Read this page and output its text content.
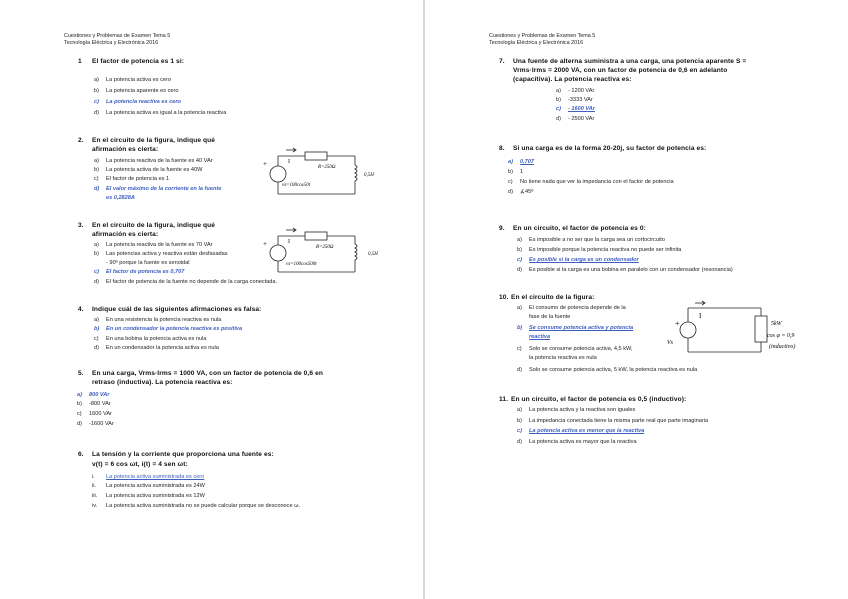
Cuestiones y Problemas de Examen Tema 5
Tecnología Eléctrica y Electrónica 2016
1 El factor de potencia es 1 si:
a) La potencia activa es cero
b) La potencia aparente es cero
c) La potencia reactiva es cero
d) La potencia activa es igual a la potencia reactiva
2. En el circuito de la figura, indique qué
afirmación es cierta:
a) La potencia reactiva de la fuente es 40 VAr
b) La potencia activa de la fuente es 40W
c) El factor de potencia es 1
d) El valor máximo de la corriente en la fuente
es 0,2828A
I
R=250Ω
vs=100cos50t
0,5H
+
3. En el circuito de la figura, indique qué
afirmación es cierta:
a) La potencia reactiva de la fuente es 70 VAr
b) Las potencias activa y reactiva están desfasadas
- 90º porque la fuente es senoidal
c) El factor de potencia es 0,707
d) El factor de potencia de la fuente no depende de la carga conectada.
I
R=250Ω
vs=100cos500t
0,5H
+
4. Indique cuál de las siguientes afirmaciones es falsa:
a) En una resistencia la potencia reactiva es nula
b) En un condensador la potencia reactiva es positiva
c) En una bobina la potencia activa es nula
d) En un condensador la potencia activa es nula
5. En una carga, Vrms·Irms = 1000 VA, con un factor de potencia de 0,6 en
retraso (inductiva). La potencia reactiva es:
a) 800 VAr
b) -800 VAr
c) 1600 VAr
d) -1600 VAr
6. La tensión y la corriente que proporciona una fuente es:
v(t) = 6 cos ωt, i(t) = 4 sen ωt:
i. La potencia activa suministrada es cero
ii. La potencia activa suministrada es 24W
iii. La potencia activa suministrada es 12W
iv. La potencia activa suministrada no se puede calcular porque se desconoce ω.
Cuestiones y Problemas de Examen Tema 5
Tecnología Eléctrica y Electrónica 2016
7. Una fuente de alterna suministra a una carga, una potencia aparente S =
Vrms·Irms = 2000 VA, con un factor de potencia de 0,6 en adelanto
(capacitiva). La potencia reactiva es:
a) - 1200 VAr
b) -3333 VAr
c) - 1600 VAr
d) - 2500 VAr
8. Si una carga es de la forma 20-20j, su factor de potencia es:
a) 0,707
b) 1
c) No tiene nada que ver la impedancia con el factor de potencia
d) ∡45º
9. En un circuito, el factor de potencia es 0:
a) Es imposible a no ser que la carga sea un cortocircuito
b) Es imposible porque la potencia reactiva no puede ser infinita
c) Es posible si la carga es un condensador
d) Es posible si la carga es una bobina en paralelo con un condensador (resonancia)
10. En el circuito de la figura:
a) El consumo de potencia depende de la
fase de la fuente
b) Se consume potencia activa y potencia
reactiva
c) Solo se consume potencia activa, 4,5 kW,
la potencia reactiva es nula
d) Solo se consume potencia activa, 5 kW, la potencia reactiva es nula
+
I
Vs
5kW
cos φ = 0,9
(inductivo)
11. En un circuito, el factor de potencia es 0,5 (inductivo):
a) La potencia activa y la reactiva son iguales
b) La impedancia conectada tiene la misma parte real que parte imaginaria
c) La potencia activa es menor que la reactiva
d) La potencia activa es mayor que la reactiva
